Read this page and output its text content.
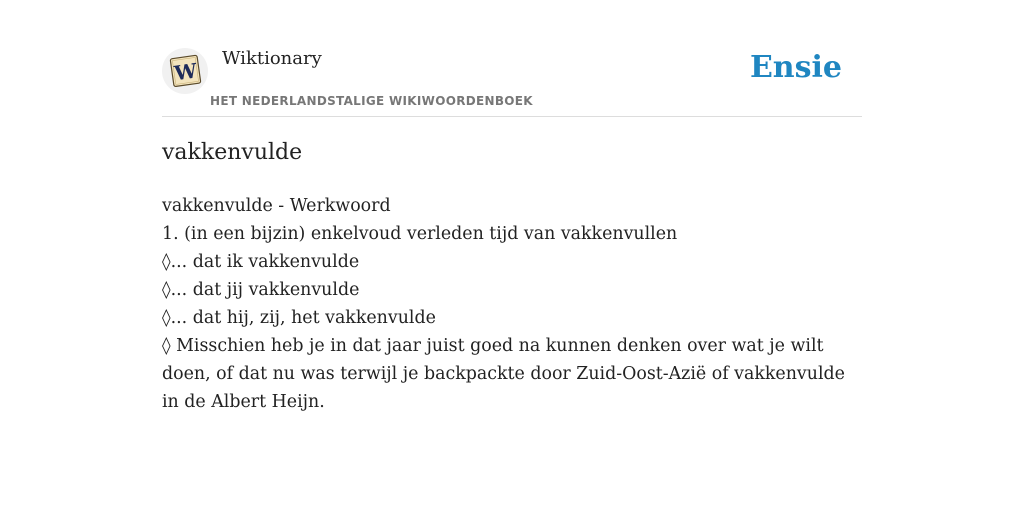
W Wiktionary
HET NEDERLANDSTALIGE WIKIWOORDENBOEK
Ensie
vakkenvulde
vakkenvulde - Werkwoord
1. (in een bijzin) enkelvoud verleden tijd van vakkenvullen
◊... dat ik vakkenvulde
◊... dat jij vakkenvulde
◊... dat hij, zij, het vakkenvulde
◊ Misschien heb je in dat jaar juist goed na kunnen denken over wat je wilt doen, of dat nu was terwijl je backpackte door Zuid-Oost-Azië of vakkenvulde in de Albert Heijn.
